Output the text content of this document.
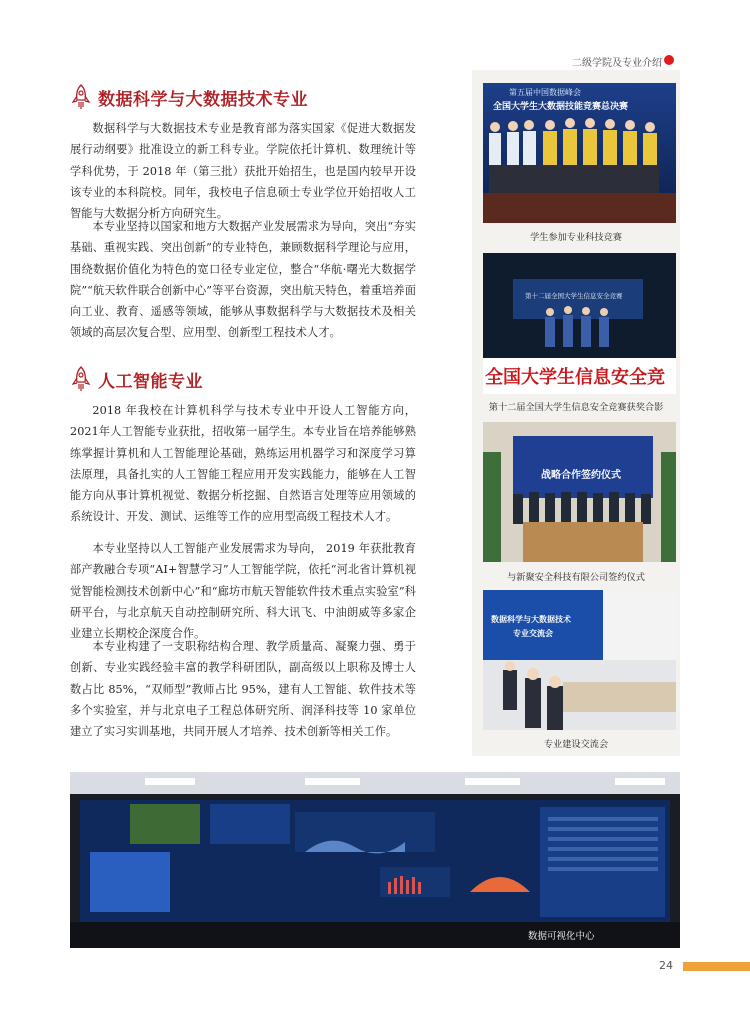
二级学院及专业介绍
数据科学与大数据技术专业

数据科学与大数据技术专业是教育部为落实国家《促进大数据发展行动纲要》批准设立的新工科专业。学院依托计算机、数理统计等学科优势，于 2018 年（第三批）获批开始招生，也是国内较早开设该专业的本科院校。同年，我校电子信息硕士专业学位开始招收人工智能与大数据分析方向研究生。

本专业坚持以国家和地方大数据产业发展需求为导向，突出“夯实基础、重视实践、突出创新”的专业特色，兼顾数据科学理论与应用，围绕数据价值化为特色的宽口径专业定位，整合“华航·曙光大数据学院”“航天软件联合创新中心”等平台资源，突出航天特色，着重培养面向工业、教育、遥感等领域，能够从事数据科学与大数据技术及相关领域的高层次复合型、应用型、创新型工程技术人才。

人工智能专业

2018 年我校在计算机科学与技术专业中开设人工智能方向， 2021年人工智能专业获批，招收第一届学生。本专业旨在培养能够熟练掌握计算机和人工智能理论基础，熟练运用机器学习和深度学习算法原理，具备扎实的人工智能工程应用开发实践能力，能够在人工智能方向从事计算机视觉、数据分析挖掘、自然语言处理等应用领域的系统设计、开发、测试、运维等工作的应用型高级工程技术人才。

本专业坚持以人工智能产业发展需求为导向， 2019 年获批教育部产教融合专项“AI+智慧学习”人工智能学院，依托“河北省计算机视觉智能检测技术创新中心”和“廊坊市航天智能软件技术重点实验室”科研平台，与北京航天自动控制研究所、科大讯飞、中油朗威等多家企业建立长期校企深度合作。

本专业构建了一支职称结构合理、教学质量高、凝聚力强、勇于创新、专业实践经验丰富的教学科研团队，副高级以上职称及博士人数占比 85%，“双师型”教师占比 95%，建有人工智能、软件技术等多个实验室，并与北京电子工程总体研究所、润泽科技等 10 家单位建立了实习实训基地，共同开展人才培养、技术创新等相关工作。

第五届中国数据峰会
全国大学生大数据技能竞赛总决赛
学生参加专业科技竞赛
第十二届全国大学生信息安全竞赛
全国大学生信息安全竞
第十二届全国大学生信息安全竞赛获奖合影
战略合作签约仪式
与新聚安全科技有限公司签约仪式
数据科学与大数据技术
专业交流会
专业建设交流会
数据可视化中心
24
